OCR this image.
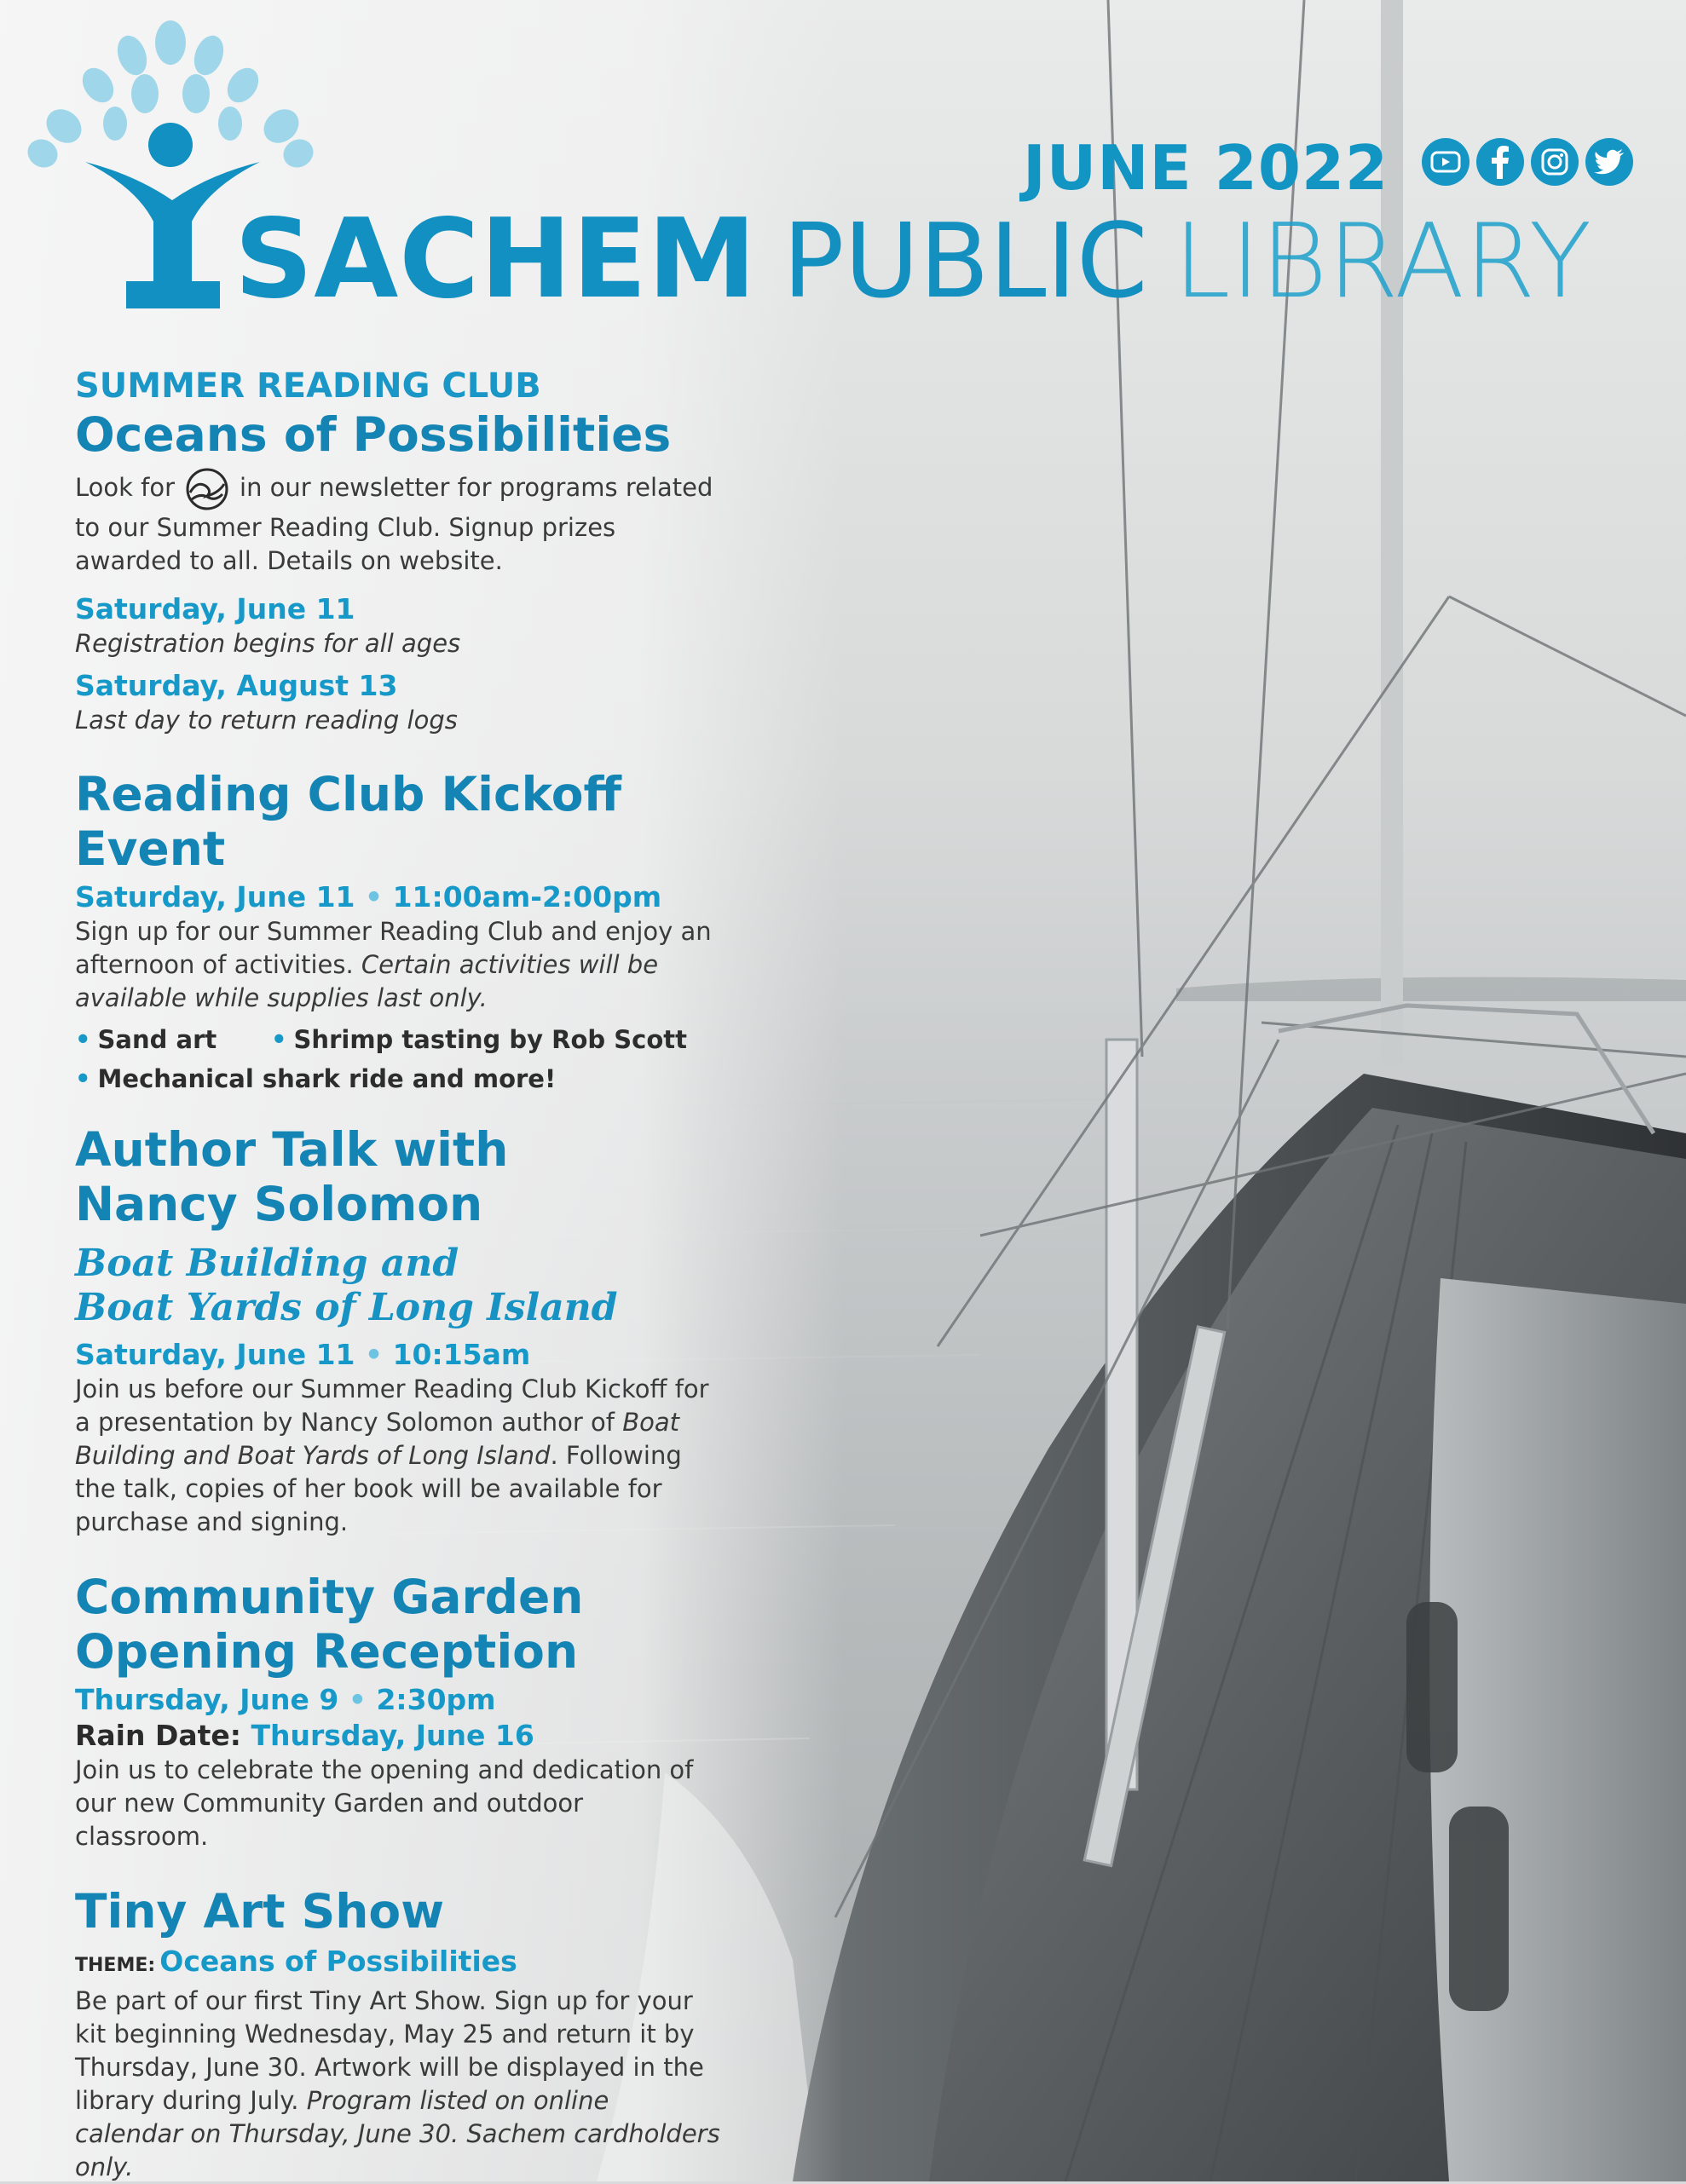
JUNE 2022
SACHEM PUBLIC LIBRARY

SUMMER READING CLUB

Oceans of Possibilities

Look for	in our newsletter for programs related to our Summer Reading Club. Signup prizes awarded to all. Details on website.

Saturday, June 11

Registration begins for all ages

Saturday, August 13

Last day to return reading logs

Reading Club Kickoff Event

Saturday, June 11 • 11:00am-2:00pm

Sign up for our Summer Reading Club and enjoy an afternoon of activities. Certain activities will be available while supplies last only.

• Sand art	• Shrimp tasting by Rob Scott
• Mechanical shark ride and more!

Author Talk with

Nancy Solomon

Boat Building and

Boat Yards of Long Island

Saturday, June 11 • 10:15am

Join us before our Summer Reading Club Kickoff for a presentation by Nancy Solomon author of Boat Building and Boat Yards of Long Island. Following the talk, copies of her book will be available for purchase and signing.

Community Garden

Opening Reception

Thursday, June 9 • 2:30pm

Rain Date: Thursday, June 16

Join us to celebrate the opening and dedication of our new Community Garden and outdoor classroom.

Tiny Art Show

THEME: Oceans of Possibilities

Be part of our first Tiny Art Show. Sign up for your kit beginning Wednesday, May 25 and return it by Thursday, June 30. Artwork will be displayed in the library during July. Program listed on online calendar on Thursday, June 30. Sachem cardholders only.
